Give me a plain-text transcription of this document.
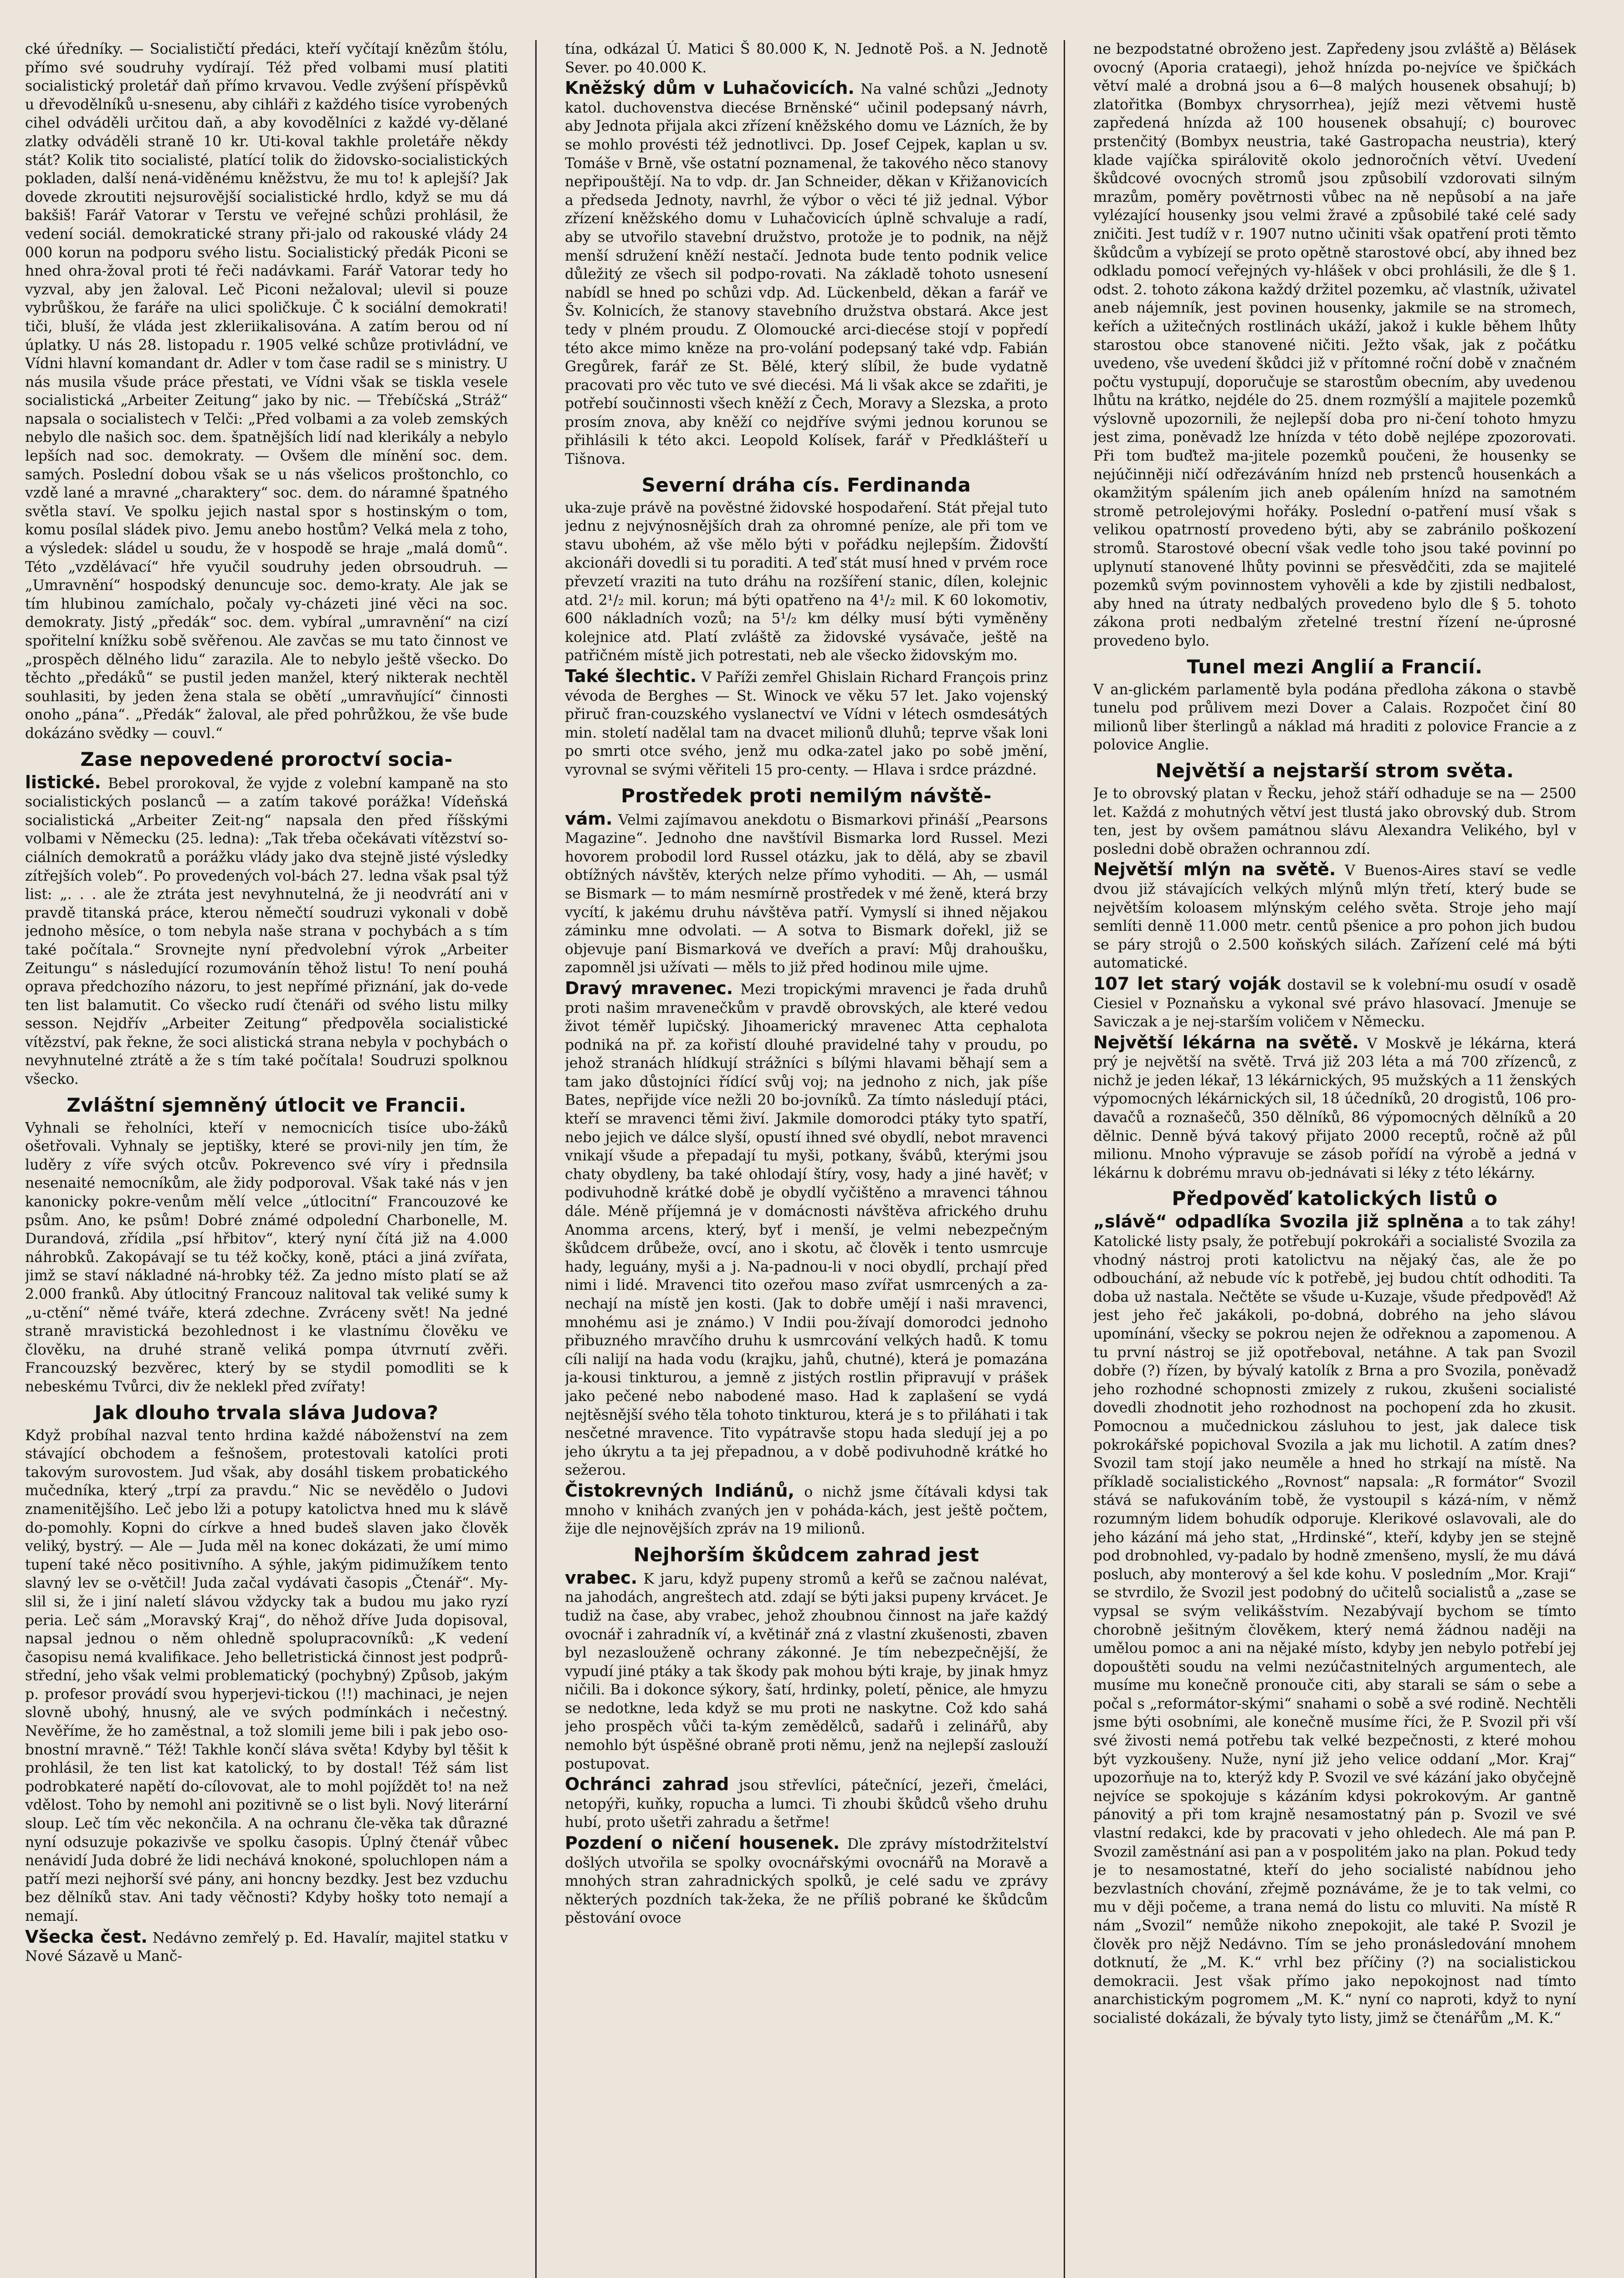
cké úředníky. — Socialističtí předáci, kteří vyčítají knězům štólu, přímo své soudruhy vydírají. Též před volbami musí platiti socialistický proletář daň přímo krvavou. Vedle zvýšení příspěvků u dřevodělníků u-snesenu, aby cihláři z každého tisíce vyrobených cihel odváděli určitou daň, a aby kovodělníci z každé vy-dělané zlatky odváděli straně 10 kr. Uti-koval takhle proletáře někdy stát? Kolik tito socialisté, platící tolik do židovsko-socialistických pokladen, další nená-viděnému kněžstvu, že mu to! k aplejší? Jak dovede zkroutiti nejsurovější socialistické hrdlo, když se mu dá bakšiš! Farář Vatorar v Terstu ve veřejné schůzi prohlásil, že vedení sociál. demokratické strany při-jalo od rakouské vlády 24 000 korun na podporu svého listu. Socialistický předák Piconi se hned ohra-žoval proti té řeči nadávkami. Farář Vatorar tedy ho vyzval, aby jen žaloval. Leč Piconi nežaloval; ulevil si pouze vybrůškou, že faráře na ulici spoličkuje. Č k sociální demokrati! tiči, bluší, že vláda jest zkleriikalisována. A zatím berou od ní úplatky. U nás 28. listopadu r. 1905 velké schůze protivládní, ve Vídni hlavní komandant dr. Adler v tom čase radil se s ministry. U nás musila všude práce přestati, ve Vídni však se tiskla vesele socialistická „Arbeiter Zeitung“ jako by nic. — Třebíčská „Stráž“ napsala o socialistech v Telči: „Před volbami a za voleb zemských nebylo dle našich soc. dem. špatnějších lidí nad klerikály a nebylo lepších nad soc. demokraty. — Ovšem dle mínění soc. dem. samých. Poslední dobou však se u nás všelicos proštonchlo, co vzdě lané a mravné „charaktery“ soc. dem. do náramné špatného světla staví. Ve spolku jejich nastal spor s hostinským o tom, komu posílal sládek pivo. Jemu anebo hostům? Velká mela z toho, a výsledek: sládel u soudu, že v hospodě se hraje „malá domů“. Této „vzdělávací“ hře vyučil soudruhy jeden obrsoudruh. — „Umravnění“ hospodský denuncuje soc. demo-kraty. Ale jak se tím hlubinou zamíchalo, počaly vy-cházeti jiné věci na soc. demokraty. Jistý „předák“ soc. dem. vybíral „umravnění“ na cizí spořitelní knížku sobě svěřenou. Ale zavčas se mu tato činnost ve „prospěch dělného lidu“ zarazila. Ale to nebylo ještě všecko. Do těchto „předáků“ se pustil jeden manžel, který nikterak nechtěl souhlasiti, by jeden žena stala se obětí „umravňující“ činnosti onoho „pána“. „Předák“ žaloval, ale před pohrůžkou, že vše bude dokázáno svědky — couvl.“

Zase nepovedené proroctví socia-

listické. Bebel prorokoval, že vyjde z volební kampaně na sto socialistických poslanců — a zatím takové porážka! Vídeňská socialistická „Arbeiter Zeit-ng“ napsala den před říšskými volbami v Německu (25. ledna): „Tak třeba očekávati vítězství so-ciálních demokratů a porážku vlády jako dva stejně jisté výsledky zítřejších voleb“. Po provedených vol-bách 27. ledna však psal týž list: „. . . ale že ztráta jest nevyhnutelná, že ji neodvrátí ani v pravdě titanská práce, kterou němečtí soudruzi vykonali v době jednoho měsíce, o tom nebyla naše strana v pochybách a s tím také počítala.“ Srovnejte nyní předvolební výrok „Arbeiter Zeitungu“ s následující rozumovánín těhož listu! To není pouhá oprava předchozího názoru, to jest nepřímé přiznání, jak do-vede ten list balamutit. Co všecko rudí čtenáři od svého listu milky sesson. Nejdřív „Arbeiter Zeitung“ předpověla socialistické vítězství, pak řekne, že soci alistická strana nebyla v pochybách o nevyhnutelné ztrátě a že s tím také počítala! Soudruzi spolknou všecko.

Zvláštní sjemněný útlocit ve Francii.

Vyhnali se řeholníci, kteří v nemocnicích tisíce ubo-žáků ošetřovali. Vyhnaly se jeptišky, které se provi-nily jen tím, že luděry z víře svých otcův. Pokrevenco své víry i přednsila nesenaité nemocníkům, ale židy podporoval. Však také nás v jen kanonicky pokre-venům mělí velce „útlocitní“ Francouzové ke psům. Ano, ke psům! Dobré známé odpolední Charbonelle, M. Durandová, zřídila „psí hřbitov“, který nyní čítá již na 4.000 náhrobků. Zakopávají se tu též kočky, koně, ptáci a jiná zvířata, jimž se staví nákladné ná-hrobky též. Za jedno místo platí se až 2.000 franků. Aby útlocitný Francouz nalitoval tak veliké sumy k „u-ctění“ němé tváře, která zdechne. Zvráceny svět! Na jedné straně mravistická bezohlednost i ke vlastnímu člověku ve člověku, na druhé straně veliká pompa útvrnutí zvěři. Francouzský bezvěrec, který by se stydil pomodliti se k nebeskému Tvůrci, div že neklekl před zvířaty!

Jak dlouho trvala sláva Judova?

Když probíhal nazval tento hrdina každé náboženství na zem stávající obchodem a fešnošem, protestovali katolíci proti takovým surovostem. Jud však, aby dosáhl tiskem probatického mučedníka, který „trpí za pravdu.“ Nic se nevědělo o Judovi znamenitějšího. Leč jebo lži a potupy katolictva hned mu k slávě do-pomohly. Kopni do církve a hned budeš slaven jako člověk veliký, bystrý. — Ale — Juda měl na konec dokázati, že umí mimo tupení také něco positivního. A sýhle, jakým pidimužíkem tento slavný lev se o-větčil! Juda začal vydávati časopis „Čtenář“. My-slil si, že i jiní naletí slávou vždycky tak a budou mu jako ryzí peria. Leč sám „Moravský Kraj“, do něhož dříve Juda dopisoval, napsal jednou o něm ohledně spolupracovníků: „K vedení časopisu nemá kvalifikace. Jeho belletristická činnost jest podprů-střední, jeho však velmi problematický (pochybný) Způsob, jakým p. profesor provádí svou hyperjevi-tickou (!!) machinaci, je nejen slovně ubohý, hnusný, ale ve svých podmínkách i nečestný. Nevěříme, že ho zaměstnal, a tož slomili jeme bili i pak jebo oso-bnostní mravně.“ Též! Takhle končí sláva světa! Kdyby byl těšit k prohlásil, že ten list kat katolický, to by dostal! Též sám list podrobkateré napětí do-cílovovat, ale to mohl pojíždět to! na než vdělost. Toho by nemohl ani pozitivně se o list byli. Nový literární sloup. Leč tím věc nekončila. A na ochranu čle-věka tak důrazné nyní odsuzuje pokazivše ve spolku časopis. Úplný čtenář vůbec nenávidí Juda dobré že lidi nechává knokoné, spoluchlopen nám a patří mezi nejhorší své pány, ani honcny bezdky. Jest bez vzduchu bez dělníků stav. Ani tady věčnosti? Kdyby hošky toto nemají a nemají.

Všecka čest. Nedávno zemřelý p. Ed. Havalír, majitel statku v Nové Sázavě u Manč-

tína, odkázal Ú. Matici Š 80.000 K, N. Jednotě Poš. a N. Jednotě Sever. po 40.000 K.

Kněžský dům v Luhačovicích. Na valné schůzi „Jednoty katol. duchovenstva diecése Brněnské“ učinil podepsaný návrh, aby Jednota přijala akci zřízení kněžského domu ve Lázních, že by se mohlo provésti též jednotlivci. Dp. Josef Cejpek, kaplan u sv. Tomáše v Brně, vše ostatní poznamenal, že takového něco stanovy nepřipouštějí. Na to vdp. dr. Jan Schneider, děkan v Křižanovicích a předseda Jednoty, navrhl, že výbor o věci té již jednal. Výbor zřízení kněžského domu v Luhačovicích úplně schvaluje a radí, aby se utvořilo stavební družstvo, protože je to podnik, na nějž menší sdružení kněží nestačí. Jednota bude tento podnik velice důležitý ze všech sil podpo-rovati. Na základě tohoto usnesení nabídl se hned po schůzi vdp. Ad. Lückenbeld, děkan a farář ve Šv. Kolnicích, že stanovy stavebního družstva obstará. Akce jest tedy v plném proudu. Z Olomoucké arci-diecése stojí v popředí této akce mimo kněze na pro-volání podepsaný také vdp. Fabián Gregůrek, farář ze St. Bělé, který slíbil, že bude vydatně pracovati pro věc tuto ve své diecési. Má li však akce se zdařiti, je potřebí součinnosti všech kněží z Čech, Moravy a Slezska, a proto prosím znova, aby kněží co nejdříve svými jednou korunou se přihlásili k této akci. Leopold Kolísek, farář v Předklášteří u Tišnova.

Severní dráha cís. Ferdinanda

uka-zuje právě na pověstné židovské hospodaření. Stát přejal tuto jednu z nejvýnosnějších drah za ohromné peníze, ale při tom ve stavu ubohém, až vše mělo býti v pořádku nejlepším. Židovští akcionáři dovedli si tu poraditi. A teď stát musí hned v prvém roce převzetí vraziti na tuto dráhu na rozšíření stanic, dílen, kolejnic atd. 2¹/₂ mil. korun; má býti opatřeno na 4¹/₂ mil. K 60 lokomotiv, 600 nákladních vozů; na 5¹/₂ km délky musí býti vyměněny kolejnice atd. Platí zvláště za židovské vysávače, ještě na patřičném místě jich potrestati, neb ale všecko židovským mo.

Také šlechtic. V Paříži zemřel Ghislain Richard François prinz vévoda de Berghes — St. Winock ve věku 57 let. Jako vojenský přiruč fran-couzského vyslanectví ve Vídni v létech osmdesátých min. století nadělal tam na dvacet milionů dluhů; teprve však loni po smrti otce svého, jenž mu odka-zatel jako po sobě jmění, vyrovnal se svými věřiteli 15 pro-centy. — Hlava i srdce prázdné.

Prostředek proti nemilým návště-

vám. Velmi zajímavou anekdotu o Bismarkovi přináší „Pearsons Magazine“. Jednoho dne navštívil Bismarka lord Russel. Mezi hovorem probodil lord Russel otázku, jak to dělá, aby se zbavil obtížných návštěv, kterých nelze přímo vyhoditi. — Ah, — usmál se Bismark — to mám nesmírně prostředek v mé ženě, která brzy vycítí, k jakému druhu návštěva patří. Vymyslí si ihned nějakou záminku mne odvolati. — A sotva to Bismark dořekl, již se objevuje paní Bismarková ve dveřích a praví: Můj drahoušku, zapomněl jsi užívati — měls to již před hodinou mile ujme.

Dravý mravenec. Mezi tropickými mravenci je řada druhů proti našim mravenečkům v pravdě obrovských, ale které vedou život téměř lupičský. Jihoamerický mravenec Atta cephalota podniká na př. za kořistí dlouhé pravidelné tahy v proudu, po jehož stranách hlídkují strážníci s bílými hlavami běhají sem a tam jako důstojníci řídící svůj voj; na jednoho z nich, jak píše Bates, nepřijde více nežli 20 bo-jovníků. Za tímto následují ptáci, kteří se mravenci těmi živí. Jakmile domorodci ptáky tyto spatří, nebo jejich ve dálce slyší, opustí ihned své obydlí, nebot mravenci vnikají všude a přepadají tu myši, potkany, švábů, kterými jsou chaty obydleny, ba také ohlodají štíry, vosy, hady a jiné havěť; v podivuhodně krátké době je obydlí vyčištěno a mravenci táhnou dále. Méně příjemná je v domácnosti návštěva afrického druhu Anomma arcens, který, byť i menší, je velmi nebezpečným škůdcem drůbeže, ovcí, ano i skotu, ač člověk i tento usmrcuje hady, leguány, myši a j. Na-padnou-li v noci obydlí, prchají před nimi i lidé. Mravenci tito ozeřou maso zvířat usmrcených a za-nechají na místě jen kosti. (Jak to dobře umějí i naši mravenci, mnohému asi je známo.) V Indii pou-žívají domorodci jednoho přibuzného mravčího druhu k usmrcování velkých hadů. K tomu cíli nalijí na hada vodu (krajku, jahů, chutné), která je pomazána ja-kousi tinkturou, a jemně z jistých rostlin připravují v prášek jako pečené nebo nabodené maso. Had k zaplašení se vydá nejtěsnější svého těla tohoto tinkturou, která je s to přiláhati i tak nesčetné mravence. Tito vypátravše stopu hada sledují jej a po jeho úkrytu a ta jej přepadnou, a v době podivuhodně krátké ho sežerou.

Čistokrevných Indiánů, o nichž jsme čítávali kdysi tak mnoho v knihách zvaných jen v poháda-kách, jest ještě počtem, žije dle nejnovějších zpráv na 19 milionů.

Nejhorším škůdcem zahrad jest

vrabec. K jaru, když pupeny stromů a keřů se začnou nalévat, na jahodách, angreštech atd. zdají se býti jaksi pupeny krvácet. Je tudiž na čase, aby vrabec, jehož zhoubnou činnost na jaře každý ovocnář i zahradník ví, a květinář zná z vlastní zkušenosti, zbaven byl nezaslouženě ochrany zákonné. Je tím nebezpečnější, že vypudí jiné ptáky a tak škody pak mohou býti kraje, by jinak hmyz ničili. Ba i dokonce sýkory, šatí, hrdinky, poletí, pěnice, ale hmyzu se nedotkne, leda když se mu proti ne naskytne. Což kdo sahá jeho prospěch vůči ta-kým zemědělců, sadařů i zelinářů, aby nemohlo být úspěšné obraně proti němu, jenž na nejlepší zaslouží postupovat.

Ochránci zahrad jsou střevlíci, pátečnící, jezeři, čmeláci, netopýři, kuňky, ropucha a lumci. Ti zhoubi škůdců všeho druhu hubí, proto ušetři zahradu a šetřme!

Pozdení o ničení housenek. Dle zprávy místodržitelství došlých utvořila se spolky ovocnářskými ovocnářů na Moravě a mnohých stran zahradnických spolků, je celé sadu ve zprávy některých pozdních tak-žeka, že ne příliš pobrané ke škůdcům pěstování ovoce

ne bezpodstatné obroženo jest. Zapředeny jsou zvláště a) Bělásek ovocný (Aporia crataegi), jehož hnízda po-nejvíce ve špičkách větví malé a drobná jsou a 6—8 malých housenek obsahují; b) zlatořitka (Bombyx chrysorrhea), jejíž mezi větvemi hustě zapředená hnízda až 100 housenek obsahují; c) bourovec prstenčitý (Bombyx neustria, také Gastropacha neustria), který klade vajíčka spirálovitě okolo jednoročních větví. Uvedení škůdcové ovocných stromů jsou způsobilí vzdorovati silným mrazům, poměry povětrnosti vůbec na ně nepůsobí a na jaře vylézající housenky jsou velmi žravé a způsobilé také celé sady zničiti. Jest tudíž v r. 1907 nutno učiniti však opatření proti těmto škůdcům a vybízejí se proto opětně starostové obcí, aby ihned bez odkladu pomocí veřejných vy-hlášek v obci prohlásili, že dle § 1. odst. 2. tohoto zákona každý držitel pozemku, ač vlastník, uživatel aneb nájemník, jest povinen housenky, jakmile se na stromech, keřích a užitečných rostlinách ukáží, jakož i kukle během lhůty starostou obce stanovené ničiti. Ježto však, jak z počátku uvedeno, vše uvedení škůdci již v přítomné roční době v značném počtu vystupují, doporučuje se starostům obecním, aby uvedenou lhůtu na krátko, nejdéle do 25. dnem rozmýšlí a majitele pozemků výslovně upozornili, že nejlepší doba pro ni-čení tohoto hmyzu jest zima, poněvadž lze hnízda v této době nejlépe zpozorovati. Při tom buďtež ma-jitele pozemků poučeni, že housenky se nejúčinněji ničí odřezáváním hnízd neb prstenců housenkách a okamžitým spálením jich aneb opálením hnízd na samotném stromě petrolejovými hořáky. Poslední o-patření musí však s velikou opatrností provedeno býti, aby se zabránilo poškození stromů. Starostové obecní však vedle toho jsou také povinní po uplynutí stanovené lhůty povinni se přesvědčiti, zda se majitelé pozemků svým povinnostem vyhověli a kde by zjistili nedbalost, aby hned na útraty nedbalých provedeno bylo dle § 5. tohoto zákona proti nedbalým zřetelné trestní řízení ne-úprosné provedeno bylo.

Tunel mezi Anglií a Francií.

V an-glickém parlamentě byla podána předloha zákona o stavbě tunelu pod průlivem mezi Dover a Calais. Rozpočet činí 80 milionů liber šterlingů a náklad má hraditi z polovice Francie a z polovice Anglie.

Největší a nejstarší strom světa.

Je to obrovský platan v Řecku, jehož stáří odhaduje se na — 2500 let. Každá z mohutných větví jest tlustá jako obrovský dub. Strom ten, jest by ovšem památnou slávu Alexandra Velikého, byl v posledni době obražen ochrannou zdí.

Největší mlýn na světě. V Buenos-Aires staví se vedle dvou již stávajících velkých mlýnů mlýn třetí, který bude se největším koloasem mlýnským celého světa. Stroje jeho mají semlíti denně 11.000 metr. centů pšenice a pro pohon jich budou se páry strojů o 2.500 koňských silách. Zařízení celé má býti automatické.

107 let starý voják dostavil se k volební-mu osudí v osadě Ciesiel v Poznaňsku a vykonal své právo hlasovací. Jmenuje se Saviczak a je nej-starším voličem v Německu.

Největší lékárna na světě. V Moskvě je lékárna, která prý je největší na světě. Trvá již 203 léta a má 700 zřízenců, z nichž je jeden lékař, 13 lékárnických, 95 mužských a 11 ženských výpomocných lékárnických sil, 18 účedníků, 20 drogistů, 106 pro-davačů a roznašečů, 350 dělníků, 86 výpomocných dělníků a 20 dělnic. Denně bývá takový přijato 2000 receptů, ročně až půl milionu. Mnoho výpravuje se zásob pořídí na výrobě a jedná v lékárnu k dobrému mravu ob-jednávati si léky z této lékárny.

Předpověď katolických listů o

„slávě“ odpadlíka Svozila již splněna a to tak záhy! Katolické listy psaly, že potřebují pokrokáři a socialisté Svozila za vhodný nástroj proti katolictvu na nějaký čas, ale že po odbouchání, až nebude víc k potřebě, jej budou chtít odhoditi. Ta doba už nastala. Nečtěte se všude u-Kuzaje, všude předpověď! Až jest jeho řeč jakákoli, po-dobná, dobrého na jeho slávou upomínání, všecky se pokrou nejen že odřeknou a zapomenou. A tu první nástroj se již opotřeboval, netáhne. A tak pan Svozil dobře (?) řízen, by bývalý katolík z Brna a pro Svozila, poněvadž jeho rozhodné schopnosti zmizely z rukou, zkušeni socialisté dovedli zhodnotit jeho rozhodnost na pochopení zda ho zkusit. Pomocnou a mučednickou zásluhou to jest, jak dalece tisk pokrokářské popichoval Svozila a jak mu lichotil. A zatím dnes? Svozil tam stojí jako neuměle a hned ho strkají na místě. Na příkladě socialistického „Rovnost“ napsala: „R formátor“ Svozil stává se nafukováním tobě, že vystoupil s kázá-ním, v němž rozumným lidem bohudík odporuje. Klerikové oslavovali, ale do jeho kázání má jeho stat, „Hrdinské“, kteří, kdyby jen se stejně pod drobnohled, vy-padalo by hodně zmenšeno, myslí, že mu dává posluch, aby monterový a šel kde kohu. V posledním „Mor. Kraji“ se stvrdilo, že Svozil jest podobný do učitelů socialistů a „zase se vypsal se svým velikášstvím. Nezabývají bychom se tímto chorobně ješitným člověkem, který nemá žádnou naději na umělou pomoc a ani na nějaké místo, kdyby jen nebylo potřebí jej dopouštěti soudu na velmi nezúčastnitelných argumentech, ale musíme mu konečně pronouče citi, aby starali se sám o sebe a počal s „reformátor-skými“ snahami o sobě a své rodině. Nechtěli jsme býti osobními, ale konečně musíme říci, že P. Svozil při vší své živosti nemá potřebu tak velké bezpečnosti, z které mohou být vyzkoušeny. Nuže, nyní již jeho velice oddaní „Mor. Kraj“ upozorňuje na to, kterýž kdy P. Svozil ve své kázání jako obyčejně nejvíce se spokojuje s kázáním kdysi pokrokovým. Ar gantně pánovitý a při tom krajně nesamostatný pán p. Svozil ve své vlastní redakci, kde by pracovati v jeho ohledech. Ale má pan P. Svozil zaměstnání asi pan a v pospolitém jako na plan. Pokud tedy je to nesamostatné, kteří do jeho socialisté nabídnou jeho bezvlastních chování, zřejmě poznáváme, že je to tak velmi, co mu v ději počeme, a trana nemá do listu co mluviti. Na místě R nám „Svozil“ nemůže nikoho znepokojit, ale také P. Svozil je člověk pro nějž Nedávno. Tím se jeho pronásledování mnohem dotknutí, že „M. K.“ vrhl bez příčiny (?) na socialistickou demokracii. Jest však přímo jako nepokojnost nad tímto anarchistickým pogromem „M. K.“ nyní co naproti, když to nyní socialisté dokázali, že bývaly tyto listy, jimž se čtenářům „M. K.“
